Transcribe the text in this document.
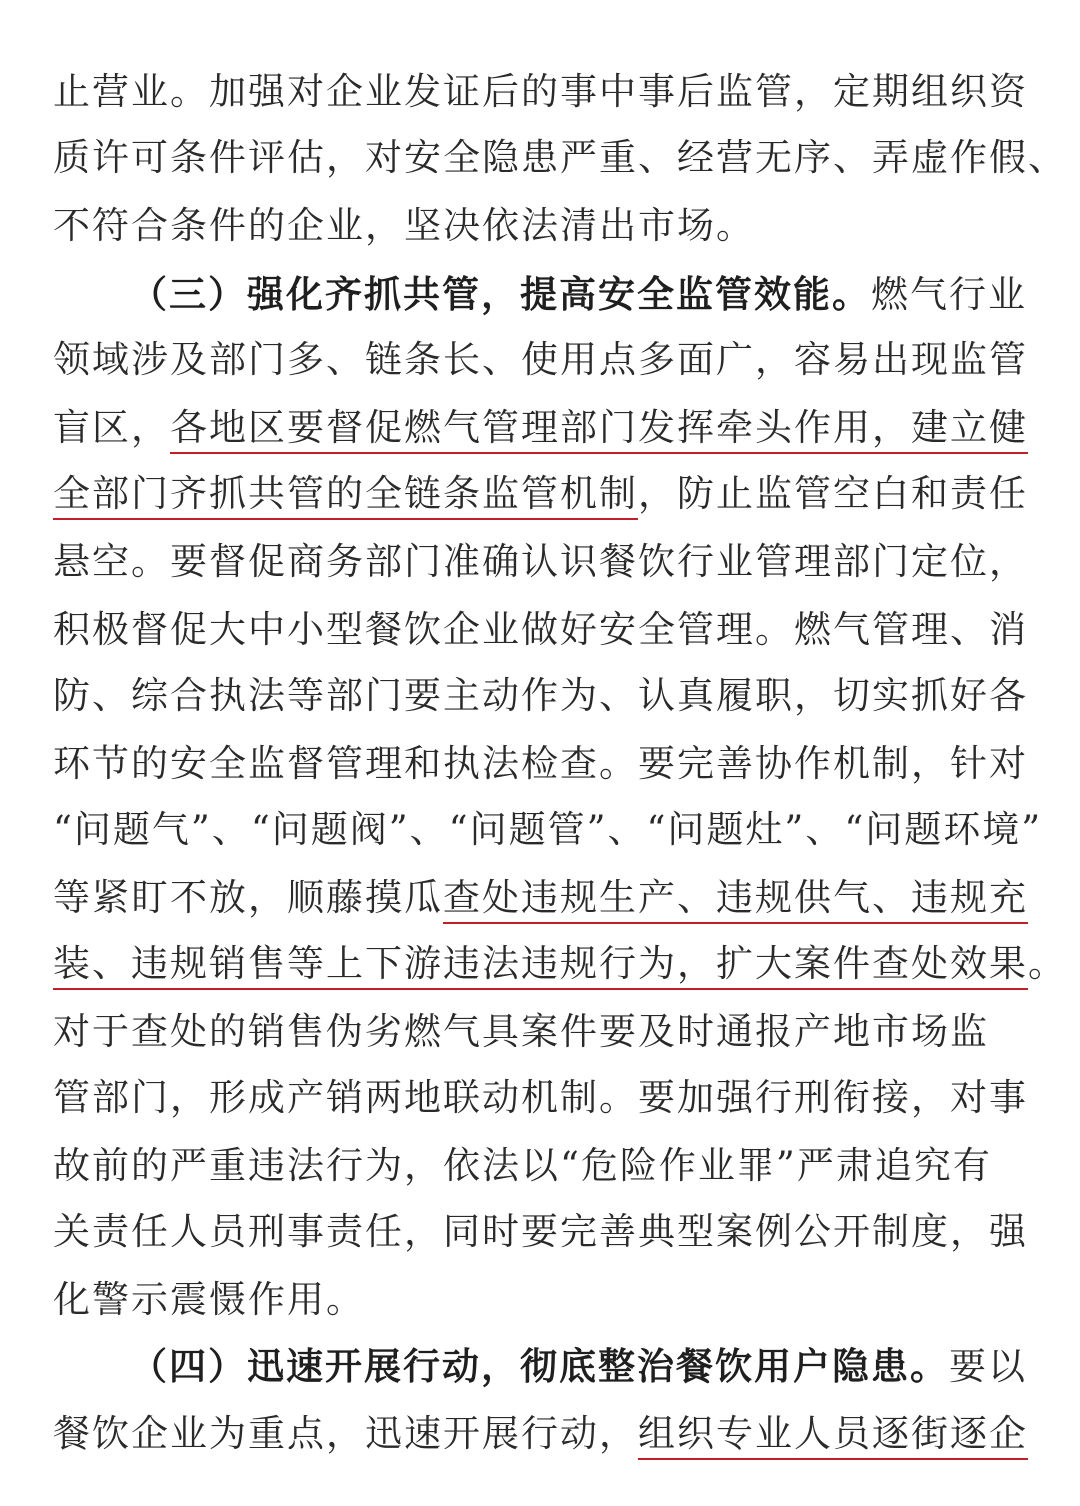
止营业。加强对企业发证后的事中事后监管，定期组织资
质许可条件评估，对安全隐患严重、经营无序、弄虚作假、
不符合条件的企业，坚决依法清出市场。
（三）强化齐抓共管，提高安全监管效能。燃气行业
领域涉及部门多、链条长、使用点多面广，容易出现监管
盲区，各地区要督促燃气管理部门发挥牵头作用，建立健
全部门齐抓共管的全链条监管机制，防止监管空白和责任
悬空。要督促商务部门准确认识餐饮行业管理部门定位，
积极督促大中小型餐饮企业做好安全管理。燃气管理、消
防、综合执法等部门要主动作为、认真履职，切实抓好各
环节的安全监督管理和执法检查。要完善协作机制，针对
“问题气”、“问题阀”、“问题管”、“问题灶”、“问题环境”
等紧盯不放，顺藤摸瓜查处违规生产、违规供气、违规充
装、违规销售等上下游违法违规行为，扩大案件查处效果。
对于查处的销售伪劣燃气具案件要及时通报产地市场监
管部门，形成产销两地联动机制。要加强行刑衔接，对事
故前的严重违法行为，依法以“危险作业罪”严肃追究有
关责任人员刑事责任，同时要完善典型案例公开制度，强
化警示震慑作用。
（四）迅速开展行动，彻底整治餐饮用户隐患。要以
餐饮企业为重点，迅速开展行动，组织专业人员逐街逐企
